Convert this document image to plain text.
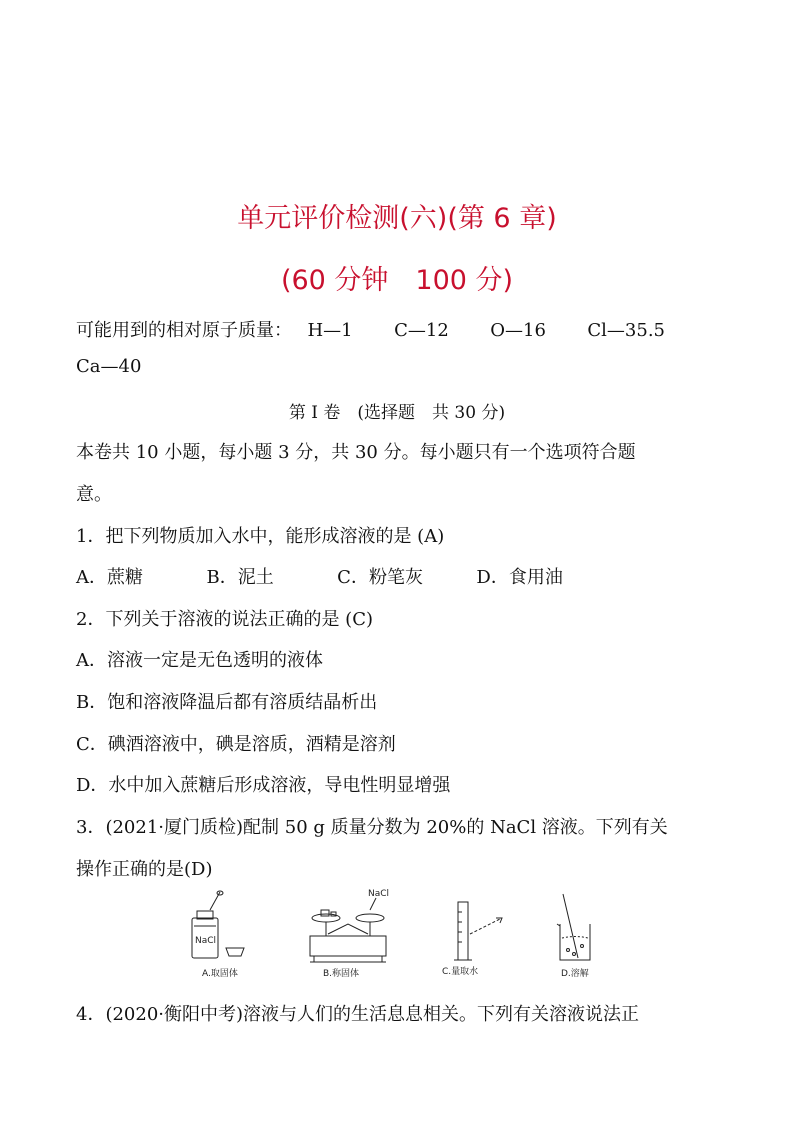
单元评价检测(六)(第 6 章)
(60 分钟　100 分)
可能用到的相对原子质量： H—1 C—12 O—16 Cl—35.5
Ca—40
第 Ⅰ 卷　(选择题　共 30 分)
本卷共 10 小题，每小题 3 分，共 30 分。每小题只有一个选项符合题
意。
1．把下列物质加入水中，能形成溶液的是 (A)
A．蔗糖	B．泥土	C．粉笔灰	D．食用油
2．下列关于溶液的说法正确的是 (C)
A．溶液一定是无色透明的液体
B．饱和溶液降温后都有溶质结晶析出
C．碘酒溶液中，碘是溶质，酒精是溶剂
D．水中加入蔗糖后形成溶液，导电性明显增强
3．(2021·厦门质检)配制 50 g 质量分数为 20%的 NaCl 溶液。下列有关
操作正确的是(D)
NaCl
A.取固体
NaCl
B.称固体	C.量取水	D.溶解
4．(2020·衡阳中考)溶液与人们的生活息息相关。下列有关溶液说法正
